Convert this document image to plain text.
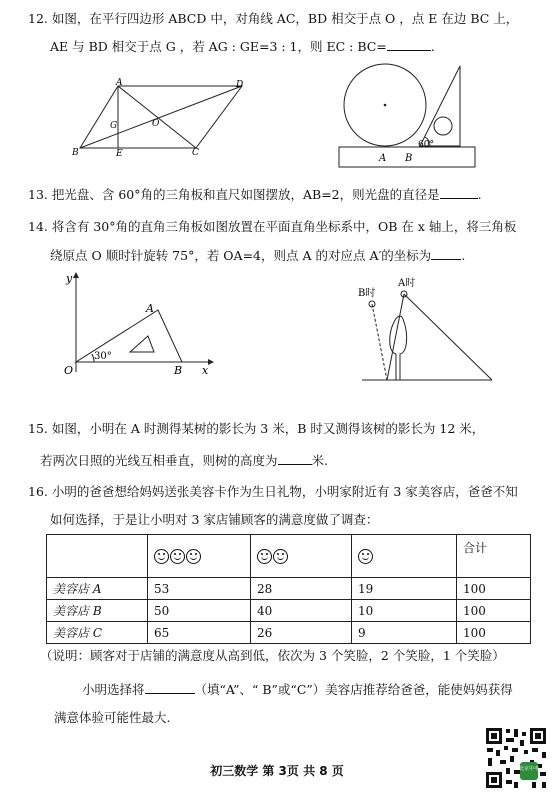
12. 如图，在平行四边形 ABCD 中，对角线 AC，BD 相交于点 O ，点 E 在边 BC 上，
AE 与 BD 相交于点 G ，若 AG : GE=3 : 1，则 EC : BC=	.
A	D
G	O
B	E	C	A B
60°
13. 把光盘、含 60°角的三角板和直尺如图摆放，AB=2，则光盘的直径是	.
14. 将含有 30°角的直角三角板如图放置在平面直角坐标系中，OB 在 x 轴上，将三角板
绕原点 O 顺时针旋转 75°，若 OA=4，则点 A 的对应点 A′的坐标为 .
y
x
O
A
B
30°
B时
A时
15. 如图，小明在 A 时测得某树的影长为 3 米，B 时又测得该树的影长为 12 米，
若两次日照的光线互相垂直，则树的高度为	米.
16. 小明的爸爸想给妈妈送张美容卡作为生日礼物，小明家附近有 3 家美容店，爸爸不知
如何选择，于是让小明对 3 家店铺顾客的满意度做了调查：
				合计
美容店 A	53	28	19	100
美容店 B	50	40	10	100
美容店 C	65	26	9	100
（说明：顾客对于店铺的满意度从高到低，依次为 3 个笑脸，2 个笑脸，1 个笑脸）
小明选择将	（填“A”、“ B”或“C”）美容店推荐给爸爸，能使妈妈获得
满意体验可能性最大.
初三数学 第 3页 共 8 页	北京中考
